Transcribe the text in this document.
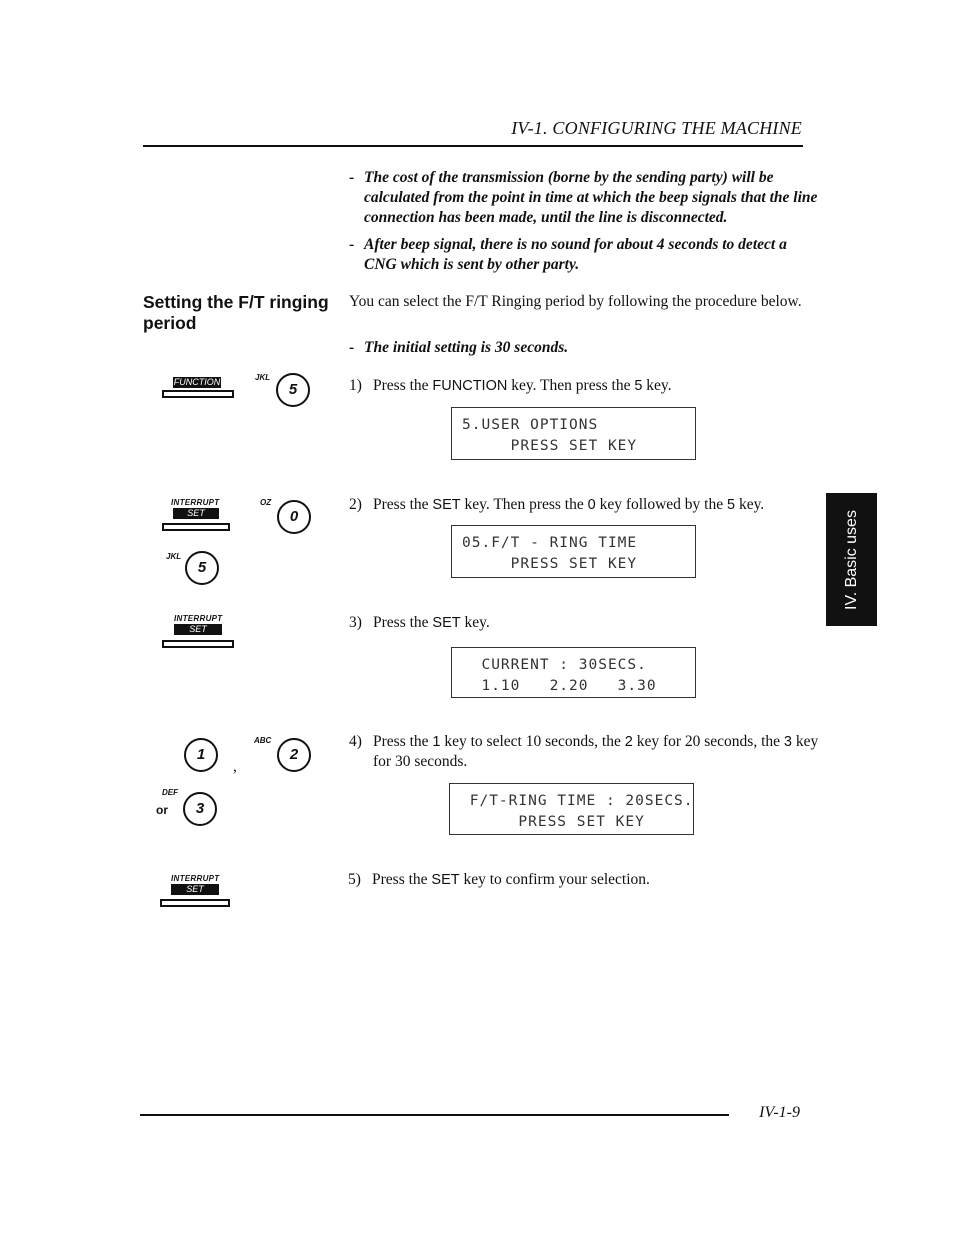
IV-1. CONFIGURING THE MACHINE
- The cost of the transmission (borne by the sending party) will be calculated from the point in time at which the beep signals that the line connection has been made, until the line is disconnected.
- After beep signal, there is no sound for about 4 seconds to detect a CNG which is sent by other party.
Setting the F/T ringing period
You can select the F/T Ringing period by following the procedure below.
- The initial setting is 30 seconds.
1) Press the FUNCTION key. Then press the 5 key.
5.USER OPTIONS
PRESS SET KEY
2) Press the SET key. Then press the 0 key followed by the 5 key.
05.F/T - RING TIME
PRESS SET KEY
3) Press the SET key.
CURRENT : 30SECS.
1.10   2.20   3.30
4) Press the 1 key to select 10 seconds, the 2 key for 20 seconds, the 3 key for 30 seconds.
F/T-RING TIME : 20SECS.
PRESS SET KEY
5) Press the SET key to confirm your selection.
FUNCTION	JKL
5
INTERRUPT
SET
OZ
0
JKL
5
INTERRUPT
SET
1
,
ABC
2
DEF
or	3
INTERRUPT
SET
IV. Basic uses
IV-1-9
